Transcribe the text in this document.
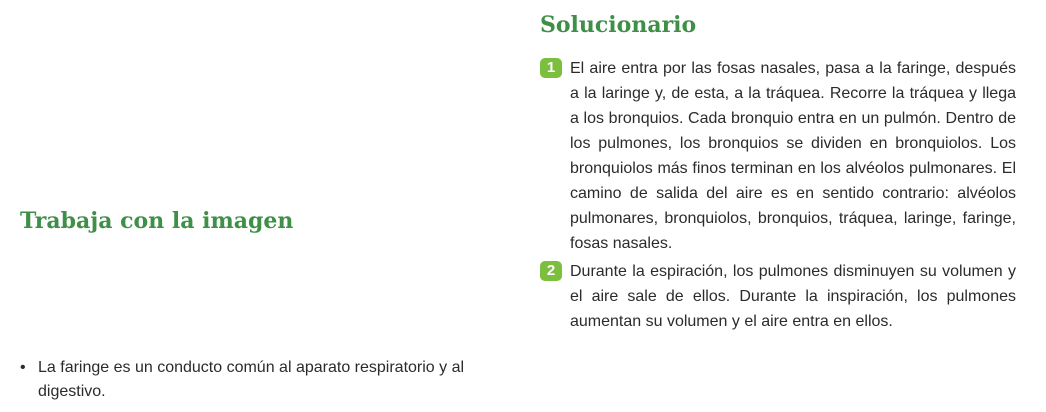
Trabaja con la imagen
• La faringe es un conducto común al aparato respiratorio y al digestivo.
Solucionario
1 El aire entra por las fosas nasales, pasa a la faringe, después a la laringe y, de esta, a la tráquea. Recorre la tráquea y llega a los bronquios. Cada bronquio entra en un pulmón. Dentro de los pulmones, los bronquios se dividen en bronquiolos. Los bronquiolos más finos terminan en los alvéolos pulmonares. El camino de salida del aire es en sentido contrario: alvéolos pulmonares, bronquiolos, bronquios, tráquea, laringe, faringe, fosas nasales.
2 Durante la espiración, los pulmones disminuyen su volumen y el aire sale de ellos. Durante la inspiración, los pulmones aumentan su volumen y el aire entra en ellos.
